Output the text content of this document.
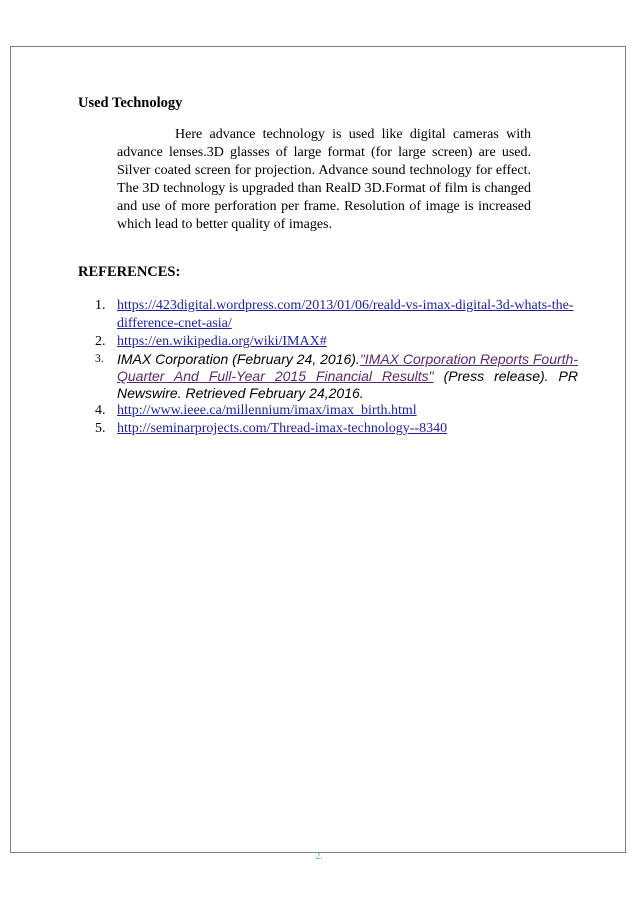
Used Technology

Here advance technology is used like digital cameras with advance lenses.3D glasses of large format (for large screen) are used. Silver coated screen for projection. Advance sound technology for effect. The 3D technology is upgraded than RealD 3D.Format of film is changed and use of more perforation per frame. Resolution of image is increased which lead to better quality of images.

REFERENCES:
1. https://423digital.wordpress.com/2013/01/06/reald-vs-imax-digital-3d-whats-the-difference-cnet-asia/
2. https://en.wikipedia.org/wiki/IMAX#
3. IMAX Corporation (February 24, 2016)."IMAX Corporation Reports Fourth-Quarter And Full-Year 2015 Financial Results" (Press release). PR Newswire. Retrieved February 24,2016.
4. http://www.ieee.ca/millennium/imax/imax_birth.html
5. http://seminarprojects.com/Thread-imax-technology--8340
2.
